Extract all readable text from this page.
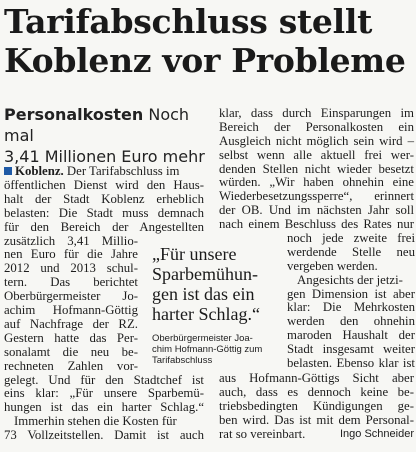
Tarifabschluss stellt
Koblenz vor Probleme
Personalkosten Noch mal
3,41 Millionen Euro mehr
Koblenz. Der Tarifabschluss im
öffentlichen Dienst wird den Haus-
halt der Stadt Koblenz erheblich
belasten: Die Stadt muss demnach
für den Bereich der Angestellten
zusätzlich 3,41 Millio-
nen Euro für die Jahre
2012 und 2013 schul-
tern. Das berichtet
Oberbürgermeister Jo-
achim Hofmann-Göttig
auf Nachfrage der RZ.
Gestern hatte das Per-
sonalamt die neu be-
rechneten Zahlen vor-
gelegt. Und für den Stadtchef ist
eins klar: „Für unsere Sparbemü-
hungen ist das ein harter Schlag.“
Immerhin stehen die Kosten für
73 Vollzeitstellen. Damit ist auch
„Für unsere
Sparbemühun-
gen ist das ein
harter Schlag.“
Oberbürgermeister Joa-
chim Hofmann-Göttig zum
Tarifabschluss
klar, dass durch Einsparungen im
Bereich der Personalkosten ein
Ausgleich nicht möglich sein wird –
selbst wenn alle aktuell frei wer-
denden Stellen nicht wieder besetzt
würden. „Wir haben ohnehin eine
Wiederbesetzungssperre“, erinnert
der OB. Und im nächsten Jahr soll
nach einem Beschluss des Rates nur
noch jede zweite frei
werdende Stelle neu
vergeben werden.
Angesichts der jetzi-
gen Dimension ist aber
klar: Die Mehrkosten
werden den ohnehin
maroden Haushalt der
Stadt insgesamt weiter
belasten. Ebenso klar ist
aus Hofmann-Göttigs Sicht aber
auch, dass es dennoch keine be-
triebsbedingten Kündigungen ge-
ben wird. Das ist mit dem Personal-
rat so vereinbart.	Ingo Schneider
